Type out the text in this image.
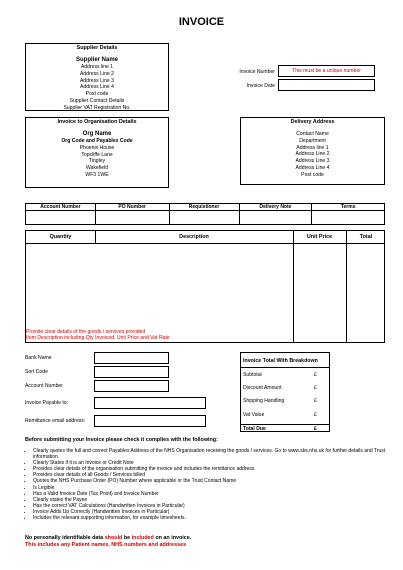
INVOICE
Supplier Details
Supplier Name
Address line 1
Address Line 2
Address Line 3
Address Line 4
Post code
Supplier Contact Details
Supplier VAT Registration No.
Invoice Number	This must be a unique number
Invoice Date
Invoice to Organisation Details
Org Name
Org Code and Payables Code
Phoenix House
Topcliffe Lane
Tingley
Wakefield
WF3 1WE
Delivery Address
Contact Name
Department
Address line 1
Address Line 2
Address Line 3
Address Line 4
Post code
Account Number	PO Number	Requistioner	Delivery Note	Terms

Quantity	Description	Unit Price	Total
Provide clear details of the goods / services provided
Item Description including Qty Invoiced, Unit Price and Vat Rate
Bank Name
Sort Code
Account Number
Invoice Payable to:
Remittance email address:
Invoice Total With Breakdown
Subtotal	£
Discount Amount	£
Shipping Handling	£
Vat Value	£
Total Due	£
Before submitting your Invoice please check it complies with the following:
• Clearly quotes the full and correct Payables Address of the NHS Organisation receiving the goods / services. Go to www.sbs.nhs.uk for further details and Trust information.
• Clearly States if it is an Invoice or Credit Note
• Provides clear details of the organisation submitting the invoice and includes the remittance address.
• Provides clear details of all Goods / Services billed
• Quotes the NHS Purchase Order (PO) Number where applicable or the Trust Contact Name
• Is Legible
• Has a Valid Invoice Date (Tax Point) and Invoice Number
• Clearly states the Payee
• Has the correct VAT Calculations (Handwritten Invoices in Particular)
• Invoice Adds Up Correctly (Handwritten Invoices in Particular)
• Includes the relevant supporting information, for example timesheets.
No personally identifiable data should be included on an invoice.
This includes any Patient names, NHS numbers and addresses
